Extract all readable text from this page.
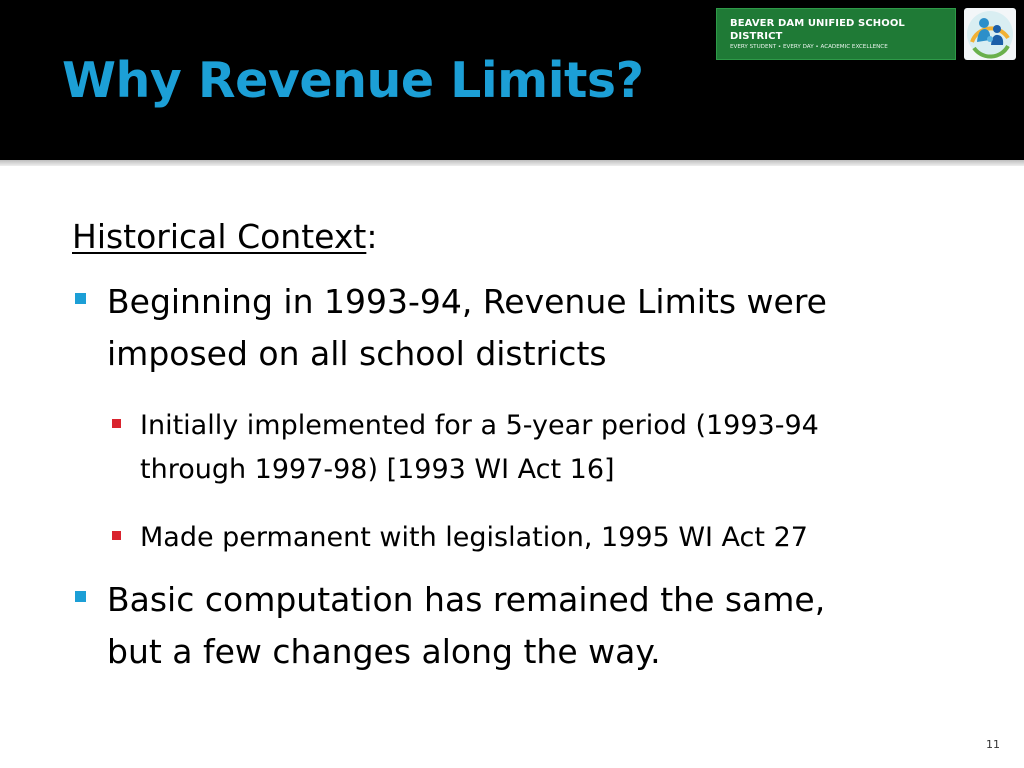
Why Revenue Limits?
BEAVER DAM UNIFIED SCHOOL DISTRICT
EVERY STUDENT • EVERY DAY • ACADEMIC EXCELLENCE
Historical Context:
Beginning in 1993-94, Revenue Limits were
imposed on all school districts
Initially implemented for a 5-year period (1993-94
through 1997-98) [1993 WI Act 16]
Made permanent with legislation, 1995 WI Act 27
Basic computation has remained the same,
but a few changes along the way.
11
